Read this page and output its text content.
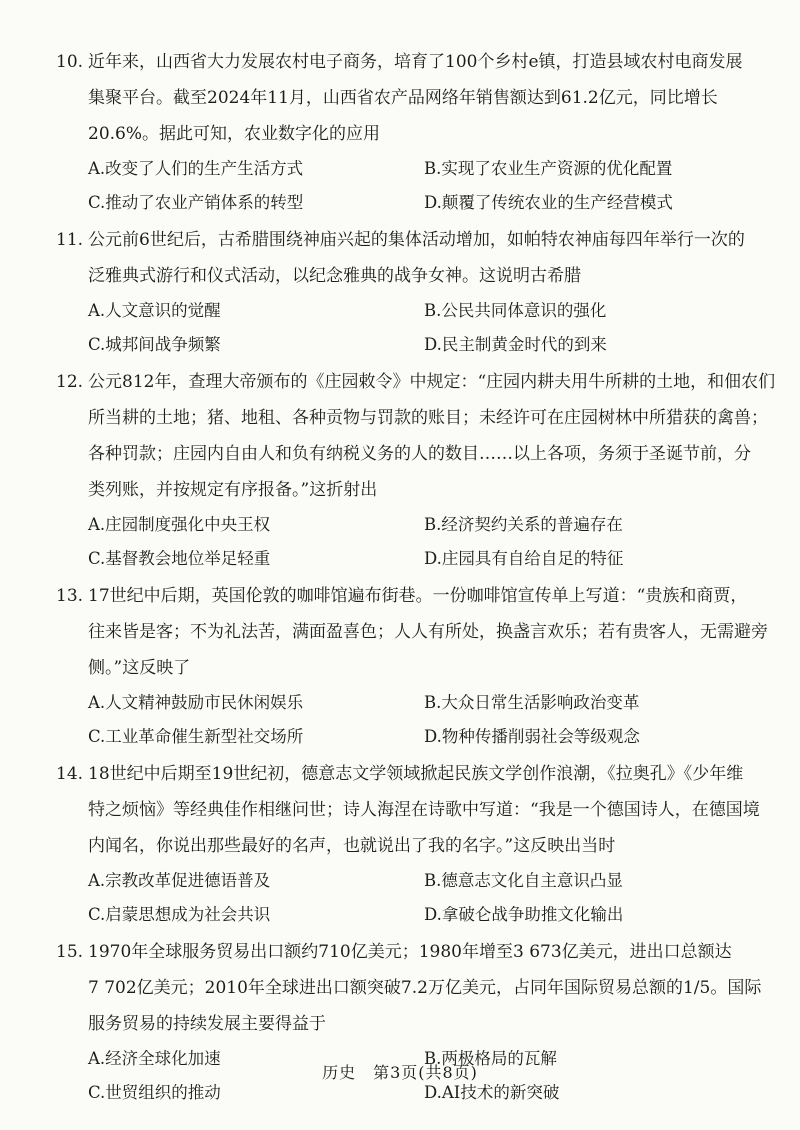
10. 近年来，山西省大力发展农村电子商务，培育了100个乡村e镇，打造县域农村电商发展
集聚平台。截至2024年11月，山西省农产品网络年销售额达到61.2亿元，同比增长
20.6%。据此可知，农业数字化的应用
A.改变了人们的生产生活方式	B.实现了农业生产资源的优化配置
C.推动了农业产销体系的转型	D.颠覆了传统农业的生产经营模式
11. 公元前6世纪后，古希腊围绕神庙兴起的集体活动增加，如帕特农神庙每四年举行一次的
泛雅典式游行和仪式活动，以纪念雅典的战争女神。这说明古希腊
A.人文意识的觉醒	B.公民共同体意识的强化
C.城邦间战争频繁	D.民主制黄金时代的到来
12. 公元812年，查理大帝颁布的《庄园敕令》中规定：“庄园内耕夫用牛所耕的土地，和佃农们
所当耕的土地；猪、地租、各种贡物与罚款的账目；未经许可在庄园树林中所猎获的禽兽；
各种罚款；庄园内自由人和负有纳税义务的人的数目……以上各项，务须于圣诞节前，分
类列账，并按规定有序报备。”这折射出
A.庄园制度强化中央王权	B.经济契约关系的普遍存在
C.基督教会地位举足轻重	D.庄园具有自给自足的特征
13. 17世纪中后期，英国伦敦的咖啡馆遍布街巷。一份咖啡馆宣传单上写道：“贵族和商贾，
往来皆是客；不为礼法苦，满面盈喜色；人人有所处，换盏言欢乐；若有贵客人，无需避旁
侧。”这反映了
A.人文精神鼓励市民休闲娱乐	B.大众日常生活影响政治变革
C.工业革命催生新型社交场所	D.物种传播削弱社会等级观念
14. 18世纪中后期至19世纪初，德意志文学领域掀起民族文学创作浪潮，《拉奥孔》《少年维
特之烦恼》等经典佳作相继问世；诗人海涅在诗歌中写道：“我是一个德国诗人，在德国境
内闻名，你说出那些最好的名声，也就说出了我的名字。”这反映出当时
A.宗教改革促进德语普及	B.德意志文化自主意识凸显
C.启蒙思想成为社会共识	D.拿破仑战争助推文化输出
15. 1970年全球服务贸易出口额约710亿美元；1980年增至3 673亿美元，进出口总额达
7 702亿美元；2010年全球进出口额突破7.2万亿美元，占同年国际贸易总额的1/5。国际
服务贸易的持续发展主要得益于
A.经济全球化加速	B.两极格局的瓦解
C.世贸组织的推动	D.AI技术的新突破
历史　第3页(共8页)
